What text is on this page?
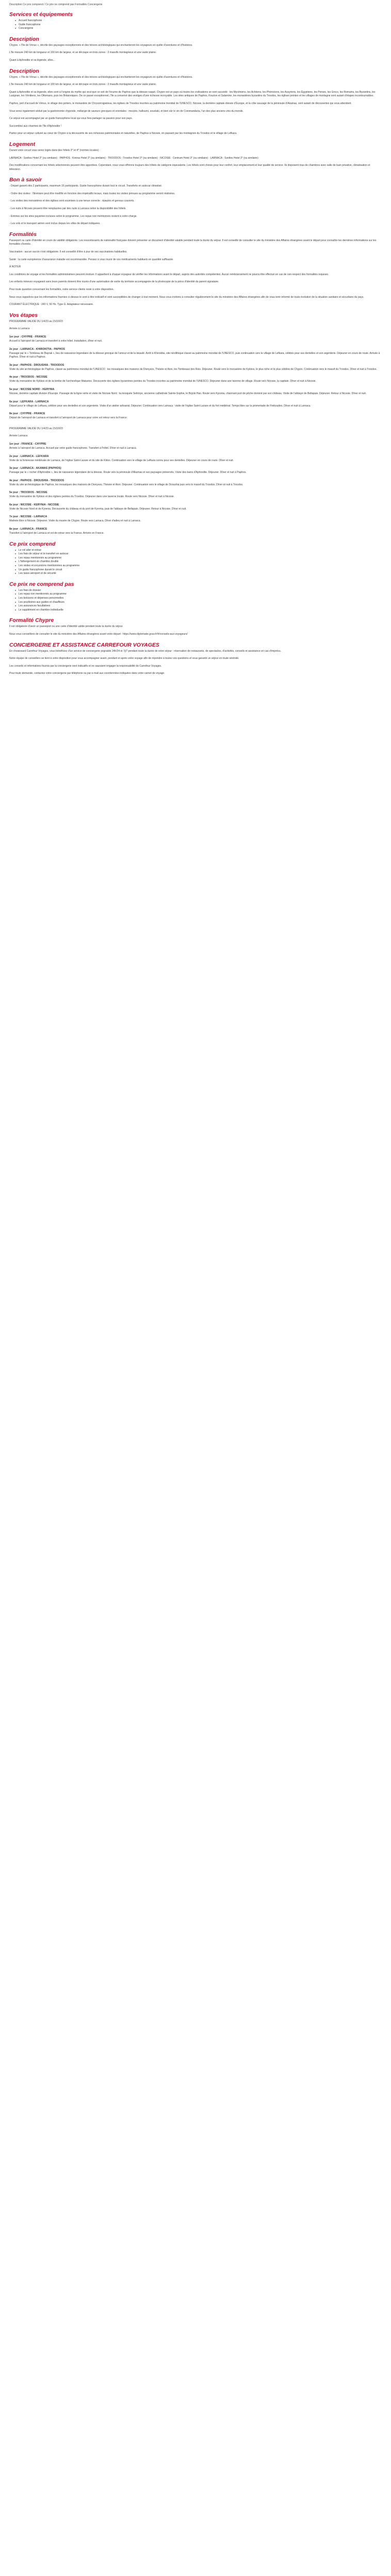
Description Ce prix comprend / Ce prix ne comprend pas Formalités Conciergerie
Services et équipements
■ Accueil francophone
■ Guide francophone
■ Conciergerie
Description
Chypre, « l'île de Vénus », décrite des paysages exceptionnels et des trésors archéologiques qui enchanteront les voyageurs en quête d'aventures et d'histoires.
L'île mesure 240 km de longueur et 100 km de largeur, et se découpe en trois zones : 2 massifs montagneux et une vaste plaine.
Quant à Aphrodite et sa légende, elles...
Description
Chypre, « l'île de Vénus », décrite des paysages exceptionnels et des trésors archéologiques qui enchanteront les voyageurs en quête d'aventures et d'histoires.
L'île mesure 240 km de longueur et 100 km de largeur, et se découpe en trois zones : 2 massifs montagneux et une vaste plaine.
Quant à Aphrodite et sa légende, elles sont à l'origine du mythe qui veut que ce soit de l'écume de Paphos que la déesse naquit. Chypre est un pays où toutes les civilisations se sont succédé : les Mycéniens, les Achéens, les Phéniciens, les Assyriens, les Égyptiens, les Perses, les Grecs, les Romains, les Byzantins, les Lusignan, les Vénitiens, les Ottomans, puis les Britanniques. De ce passé exceptionnel, l'île a conservé des vestiges d'une richesse incroyable. Les sites antiques de Paphos, Kourion et Salamine, les monastères byzantins du Troodos, les églises peintes et les villages de montagne sont autant d'étapes incontournables.
Paphos, port d'accueil de Vénus, le village des potiers, le monastère de Chrysorrogiatissa, les églises de Troodos inscrites au patrimoine mondial de l'UNESCO, Nicosie, la dernière capitale divisée d'Europe, et la côte sauvage de la péninsule d'Akamas, sont autant de découvertes qui vous attendent.
Vous serez également séduit par la gastronomie chypriote, mélange de saveurs grecques et orientales : mezzés, halloumi, souvlaki, et bien sûr le vin de Commandaria, l'un des plus anciens vins du monde.
Ce séjour est accompagné par un guide francophone local qui vous fera partager sa passion pour son pays.
Succombez aux charmes de l'île d'Aphrodite !
Partez pour un séjour culturel au cœur de Chypre à la découverte de ses richesses patrimoniales et naturelles, de Paphos à Nicosie, en passant par les montagnes du Troodos et le village de Lefkara.
Logement
Durant votre circuit vous serez logés dans des hôtels 3* et 4* (normes locales) :
LARNACA : Sveltos Hotel 3* (ou similaire) · PAPHOS : Kiniras Hotel 3* (ou similaire) · TROODOS : Troodos Hotel 3* (ou similaire) · NICOSIE : Centrum Hotel 3* (ou similaire) · LARNACA : Sveltos Hotel 3* (ou similaire)
Des modifications concernant les hôtels sélectionnés peuvent être apportées. Cependant, nous vous offrirons toujours des hôtels de catégorie équivalente. Les hôtels sont choisis pour leur confort, leur emplacement et leur qualité de service. Ils disposent tous de chambres avec salle de bain privative, climatisation et télévision.
Bon à savoir
- Départ garanti dès 2 participants, maximum 16 participants. Guide francophone durant tout le circuit. Transferts en autocar climatisé.
- Ordre des visites : l'itinéraire peut être modifié en fonction des impératifs locaux, mais toutes les visites prévues au programme seront réalisées.
- Les visites des monastères et des églises sont soumises à une tenue correcte : épaules et genoux couverts.
- Les nuits à Nicosie peuvent être remplacées par des nuits à Larnaca selon la disponibilité des hôtels.
- Entrées sur les sites payantes incluses selon le programme. Les repas non mentionnés restent à votre charge.
- Les vols et le transport aérien sont inclus depuis les villes de départ indiquées.
Formalités
Passeport ou carte d'identité en cours de validité obligatoire. Les ressortissants de nationalité française doivent présenter un document d'identité valable pendant toute la durée du séjour. Il est conseillé de consulter le site du ministère des Affaires étrangères avant le départ pour connaître les dernières informations sur les formalités d'entrée.
Vaccination : aucun vaccin n'est obligatoire. Il est conseillé d'être à jour de ses vaccinations habituelles.
Santé : la carte européenne d'assurance maladie est recommandée. Pensez à vous munir de vos médicaments habituels en quantité suffisante.
À NOTER
Les conditions de voyage et les formalités administratives peuvent évoluer. Il appartient à chaque voyageur de vérifier les informations avant le départ, auprès des autorités compétentes. Aucun remboursement ne pourra être effectué en cas de non-respect des formalités requises.
Les enfants mineurs voyageant sans leurs parents doivent être munis d'une autorisation de sortie du territoire accompagnée de la photocopie de la pièce d'identité du parent signataire.
Pour toute question concernant les formalités, notre service clients reste à votre disposition.
Nous vous rappelons que les informations fournies ci-dessus le sont à titre indicatif et sont susceptibles de changer à tout moment. Nous vous invitons à consulter régulièrement le site du ministère des Affaires étrangères afin de vous tenir informé de toute évolution de la situation sanitaire et sécuritaire du pays.
COURANT ÉLECTRIQUE : 240 V, 50 Hz. Type G. Adaptateur nécessaire.
Vos étapes
PROGRAMME VALIDE DU 1/4/23 au 15/10/23
Arrivée à Larnaca
1er jour : CHYPRE - FRANCE
Accueil à l'aéroport de Larnaca et transfert à votre hôtel. Installation, dîner et nuit.
2e jour : LARNACA - KHIROKITIA - PAPHOS
Passage par le « Tombeau de Bayrak », lieu de naissance légendaire de la déesse grecque de l'amour et de la beauté. Arrêt à Khirokitia, site néolithique classé au patrimoine mondial de l'UNESCO, puis continuation vers le village de Lefkara, célèbre pour ses dentelles et son argenterie. Déjeuner en cours de route. Arrivée à Paphos. Dîner et nuit à Paphos.
3e jour : PAPHOS - DROUSHIA - TROODOS
Visite du site archéologique de Paphos, classé au patrimoine mondial de l'UNESCO : les mosaïques des maisons de Dionysos, Thésée et Aion, les Tombeaux des Rois. Déjeuner. Route vers le monastère de Kykkos, le plus riche et le plus célèbre de Chypre. Continuation vers le massif du Troodos. Dîner et nuit à Troodos.
4e jour : TROODOS - NICOSIE
Visite du monastère de Kykkos et de la tombe de l'archevêque Makarios. Découverte des églises byzantines peintes du Troodos inscrites au patrimoine mondial de l'UNESCO. Déjeuner dans une taverne de village. Route vers Nicosie, la capitale. Dîner et nuit à Nicosie.
5e jour : NICOSIE NORD - KERYNIA
Nicosie, dernière capitale divisée d'Europe. Passage de la ligne verte et visite de Nicosie Nord : la mosquée Selimiye, ancienne cathédrale Sainte-Sophie, le Büyük Han. Route vers Kyrenia, charmant port de pêche dominé par son château. Visite de l'abbaye de Bellapais. Déjeuner. Retour à Nicosie. Dîner et nuit.
6e jour : LEFKARA - LARNACA
Départ pour le village de Lefkara, célèbre pour ses dentelles et son argenterie. Visite d'un atelier artisanal. Déjeuner. Continuation vers Larnaca : visite de l'église Saint-Lazare et du fort médiéval. Temps libre sur la promenade de Finikoudes. Dîner et nuit à Larnaca.
8e jour : CHYPRE - FRANCE
Départ de l'aéroport de Larnaca et transfert à l'aéroport de Larnaca pour votre vol retour vers la France.
PROGRAMME VALIDE DU 1/4/23 au 15/10/23
Arrivée Larnaca
1er jour : FRANCE - CHYPRE
Arrivée à l'aéroport de Larnaca. Accueil par votre guide francophone. Transfert à l'hôtel. Dîner et nuit à Larnaca.
2e jour : LARNACA - LEFKARA
Visite de la forteresse médiévale de Larnaca, de l'église Saint-Lazare et du site de Kition. Continuation vers le village de Lefkara connu pour ses dentelles. Déjeuner en cours de route. Dîner et nuit.
3e jour : LARNACA - AKAMAS (PAPHOS)
Passage par le « rocher d'Aphrodite », lieu de naissance légendaire de la déesse. Route vers la péninsule d'Akamas et ses paysages préservés. Visite des bains d'Aphrodite. Déjeuner. Dîner et nuit à Paphos.
4e jour : PAPHOS - DROUSHIA - TROODOS
Visite du site archéologique de Paphos, les mosaïques des maisons de Dionysos, Thésée et Aion. Déjeuner. Continuation vers le village de Droushia puis vers le massif du Troodos. Dîner et nuit à Troodos.
5e jour : TROODOS - NICOSIE
Visite du monastère de Kykkos et des églises peintes du Troodos. Déjeuner dans une taverne locale. Route vers Nicosie. Dîner et nuit à Nicosie.
6e jour : NICOSIE - KERYNIA - NICOSIE
Visite de Nicosie Nord et de Kyrenia. Découverte du château et du port de Kyrenia, puis de l'abbaye de Bellapais. Déjeuner. Retour à Nicosie. Dîner et nuit.
7e jour : NICOSIE - LARNACA
Matinée libre à Nicosie. Déjeuner. Visite du musée de Chypre. Route vers Larnaca. Dîner d'adieu et nuit à Larnaca.
8e jour : LARNACA - FRANCE
Transfert à l'aéroport de Larnaca et vol de retour vers la France. Arrivée en France.
Ce prix comprend
■ Le vol aller et retour
■ Les frais de séjour et le transfert en autocar
■ Les repas mentionnés au programme
■ L'hébergement en chambre double
■ Les visites et excursions mentionnées au programme
■ Un guide francophone durant le circuit
■ Les taxes aéroport et de sécurité
Ce prix ne comprend pas
■ Les frais de dossier
■ Les repas non mentionnés au programme
■ Les boissons et dépenses personnelles
■ Les pourboires aux guides et chauffeurs
■ Les assurances facultatives
■ Le supplément en chambre individuelle
Formalité Chypre
Il est obligatoire d'avoir un passeport ou une carte d'identité valide pendant toute la durée du séjour.
Nous vous conseillons de consulter le site du ministère des Affaires étrangères avant votre départ : https://www.diplomatie.gouv.fr/fr/conseils-aux-voyageurs/
CONCIERGERIE ET ASSISTANCE CARREFOUR VOYAGES
En choisissant Carrefour Voyages, vous bénéficiez d'un service de conciergerie joignable 24h/24 et 7j/7 pendant toute la durée de votre séjour : réservation de restaurants, de spectacles, d'activités, conseils et assistance en cas d'imprévu.
Notre équipe de conseillers se tient à votre disposition pour vous accompagner avant, pendant et après votre voyage afin de répondre à toutes vos questions et vous garantir un séjour en toute sérénité.
Les conseils et informations fournis par la conciergerie sont indicatifs et ne sauraient engager la responsabilité de Carrefour Voyages.
Pour toute demande, contactez votre conciergerie par téléphone ou par e-mail aux coordonnées indiquées dans votre carnet de voyage.
